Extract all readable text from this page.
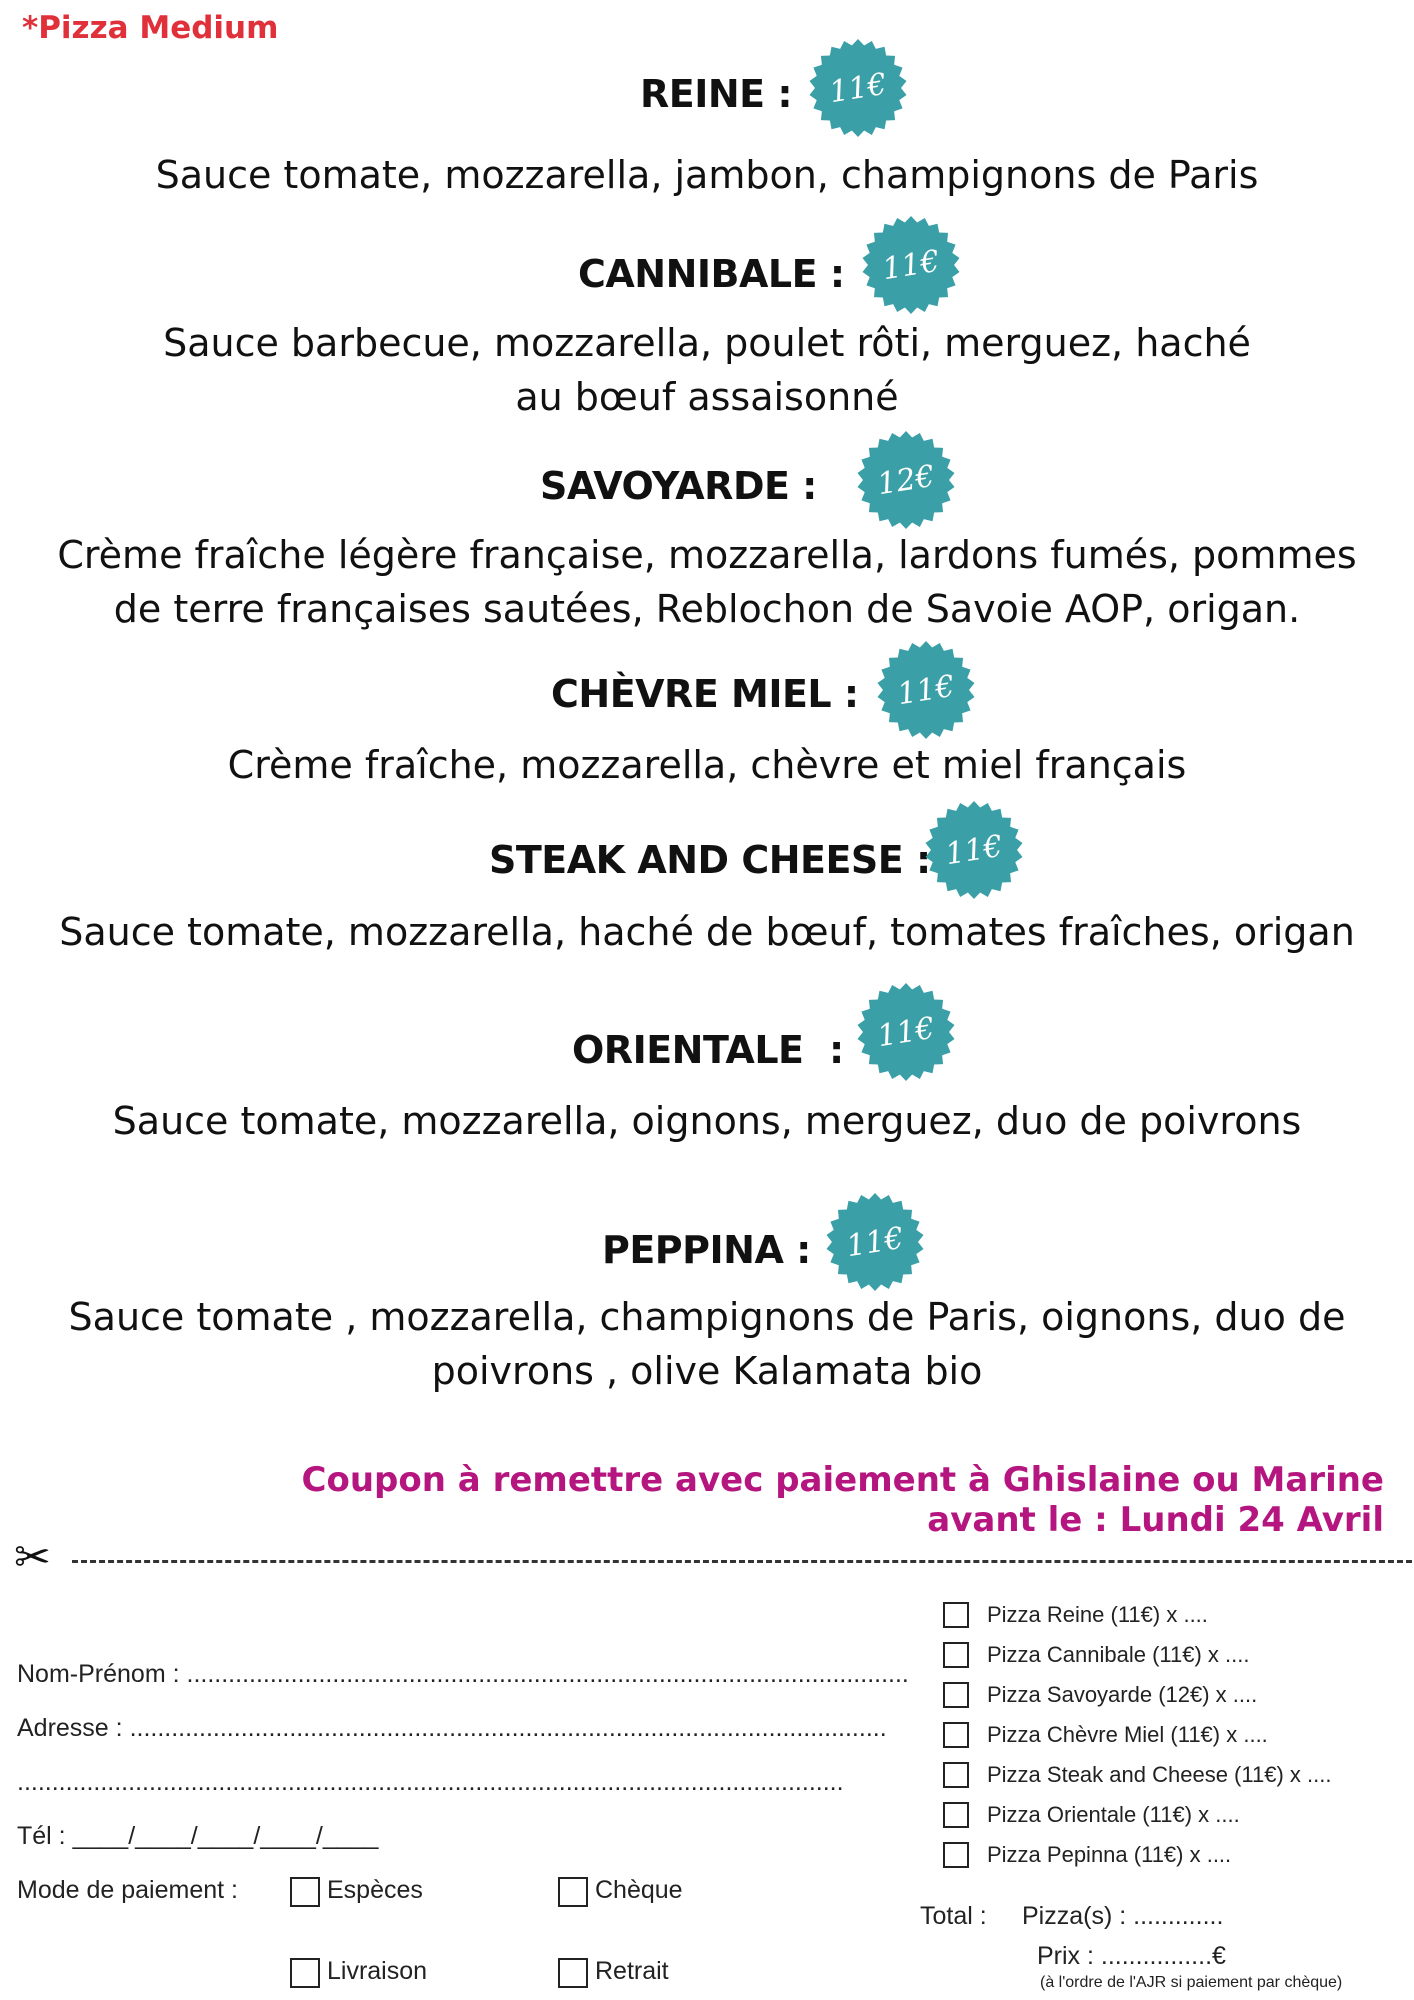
*Pizza Medium
REINE :	11€
Sauce tomate, mozzarella, jambon, champignons de Paris
CANNIBALE :	11€
Sauce barbecue, mozzarella, poulet rôti, merguez, haché
au bœuf assaisonné
SAVOYARDE :	12€
Crème fraîche légère française, mozzarella, lardons fumés, pommes
de terre françaises sautées, Reblochon de Savoie AOP, origan.
CHÈVRE MIEL :	11€
Crème fraîche, mozzarella, chèvre et miel français
STEAK AND CHEESE : 11€
Sauce tomate, mozzarella, haché de bœuf, tomates fraîches, origan
ORIENTALE  :	11€
Sauce tomate, mozzarella, oignons, merguez, duo de poivrons
PEPPINA :	11€
Sauce tomate , mozzarella, champignons de Paris, oignons, duo de
poivrons , olive Kalamata bio
Coupon à remettre avec paiement à Ghislaine ou Marine
avant le : Lundi 24 Avril
✂
Nom-Prénom : ........................................................................................................
Adresse : .............................................................................................................
.......................................................................................................................
Tél : ____/____/____/____/____
Mode de paiement :	Espèces	Chèque
Livraison	Retrait
Pizza Reine (11€) x ....
Pizza Cannibale (11€) x ....
Pizza Savoyarde (12€) x ....
Pizza Chèvre Miel (11€) x ....
Pizza Steak and Cheese (11€) x ....
Pizza Orientale (11€) x ....
Pizza Pepinna (11€) x ....
Total : Pizza(s) : .............
Prix : ................€
(à l'ordre de l'AJR si paiement par chèque)
